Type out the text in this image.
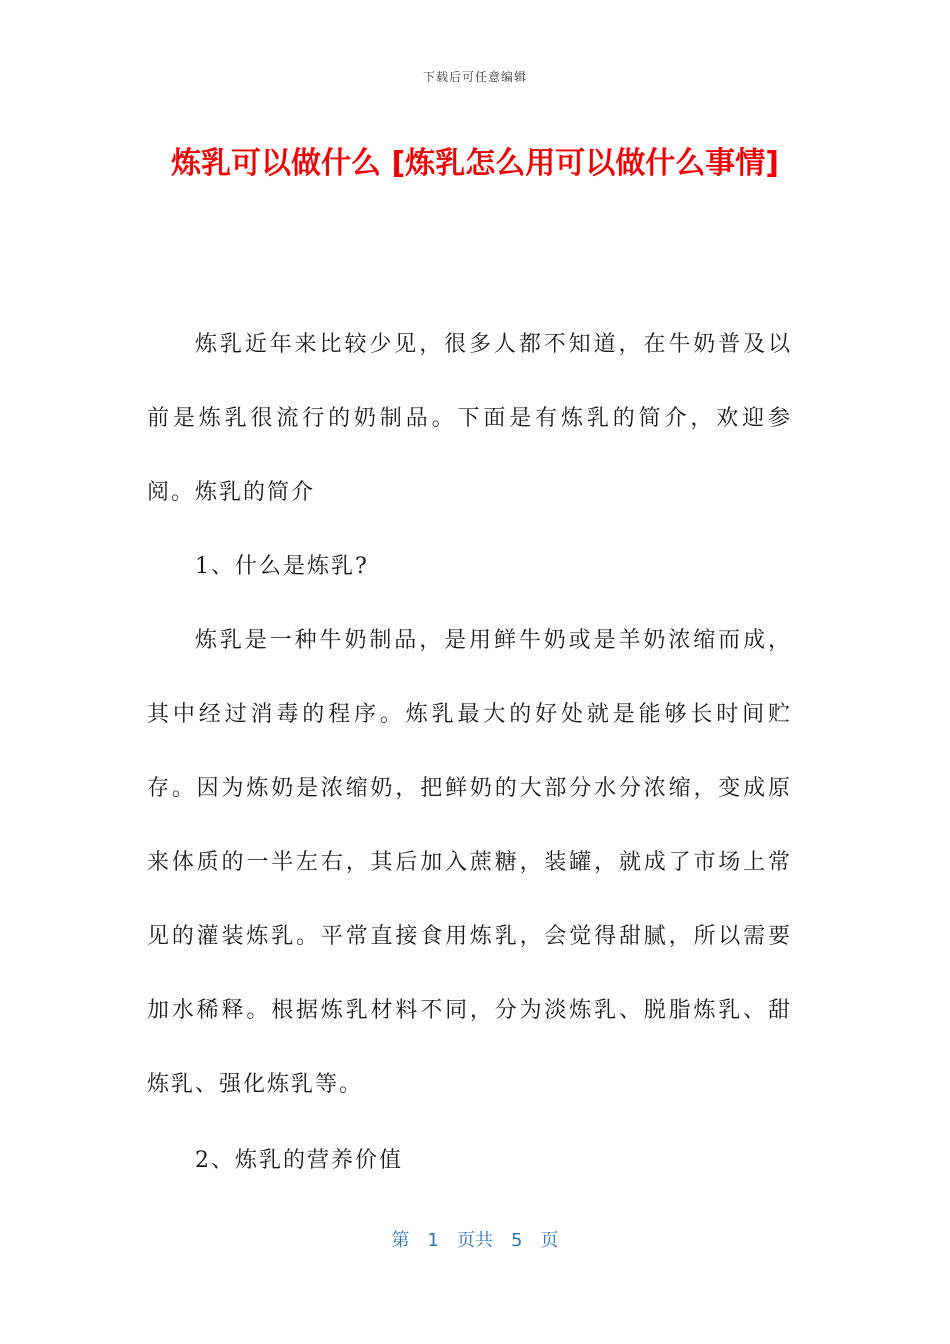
下载后可任意编辑
炼乳可以做什么 [炼乳怎么用可以做什么事情]

炼乳近年来比较少见，很多人都不知道，在牛奶普及以前是炼乳很流行的奶制品。下面是有炼乳的简介，欢迎参阅。 炼乳的简介

1、什么是炼乳?

炼乳是一种牛奶制品，是用鲜牛奶或是羊奶浓缩而成，其中经过消毒的程序。炼乳最大的好处就是能够长时间贮存。因为炼奶是浓缩奶，把鲜奶的大部分水分浓缩，变成原来体质的一半左右，其后加入蔗糖，装罐，就成了市场上常见的灌装炼乳。平常直接食用炼乳，会觉得甜腻，所以需要加水稀释。根据炼乳材料不同，分为淡炼乳、脱脂炼乳、甜炼乳、强化炼乳等。

2、炼乳的营养价值

第 1 页共 5 页
